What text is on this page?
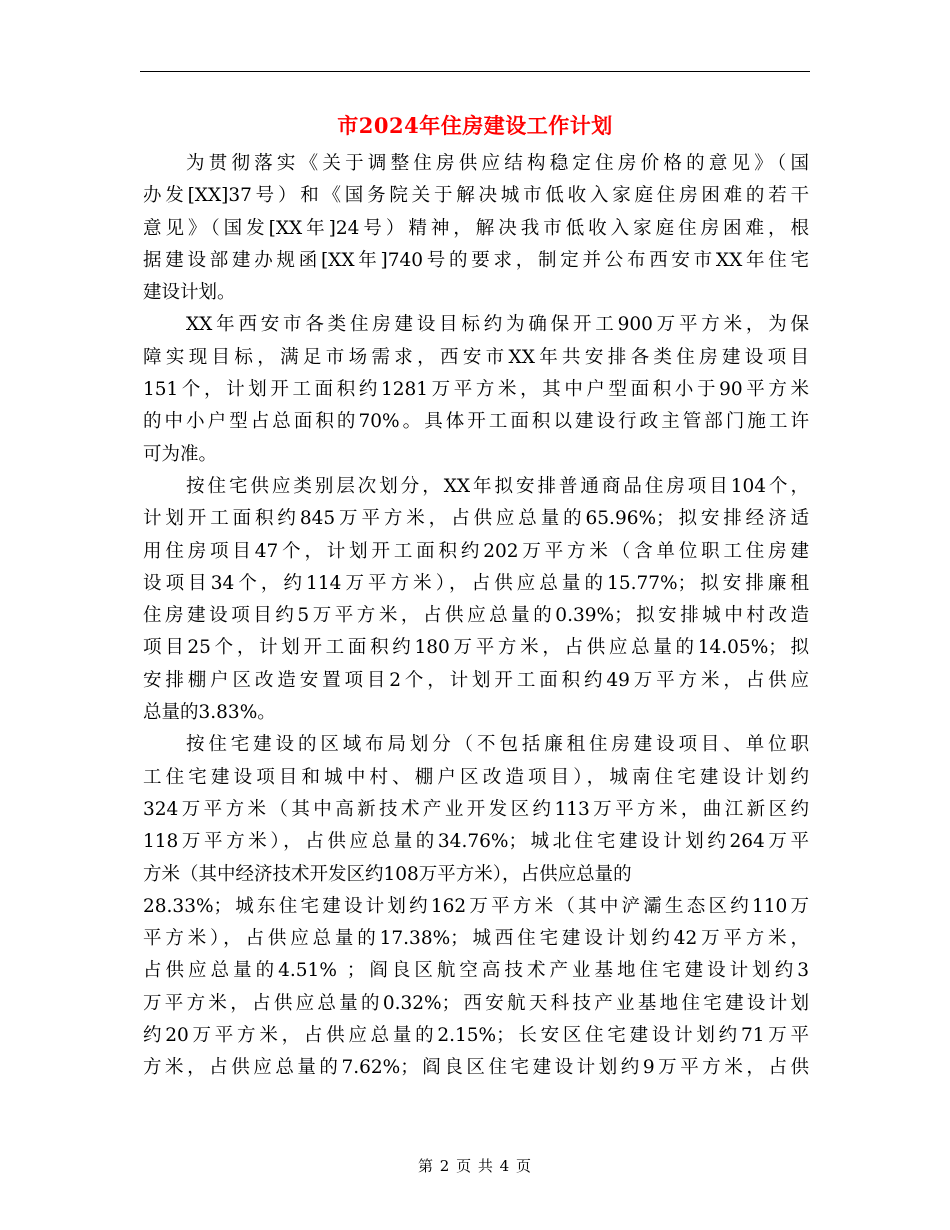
市2024年住房建设工作计划
为贯彻落实《关于调整住房供应结构稳定住房价格的意见》（国
办发[XX]37号）和《国务院关于解决城市低收入家庭住房困难的若干
意见》（国发[XX年]24号）精神，解决我市低收入家庭住房困难，根
据建设部建办规函[XX年]740号的要求，制定并公布西安市XX年住宅
建设计划。
XX年西安市各类住房建设目标约为确保开工900万平方米，为保
障实现目标，满足市场需求，西安市XX年共安排各类住房建设项目
151个，计划开工面积约1281万平方米，其中户型面积小于90平方米
的中小户型占总面积的70%。具体开工面积以建设行政主管部门施工许
可为准。
按住宅供应类别层次划分，XX年拟安排普通商品住房项目104个，
计划开工面积约845万平方米，占供应总量的65.96%；拟安排经济适
用住房项目47个，计划开工面积约202万平方米（含单位职工住房建
设项目34个，约114万平方米），占供应总量的15.77%；拟安排廉租
住房建设项目约5万平方米，占供应总量的0.39%；拟安排城中村改造
项目25个，计划开工面积约180万平方米，占供应总量的14.05%；拟
安排棚户区改造安置项目2个，计划开工面积约49万平方米，占供应
总量的3.83%。
按住宅建设的区域布局划分（不包括廉租住房建设项目、单位职
工住宅建设项目和城中村、棚户区改造项目），城南住宅建设计划约
324万平方米（其中高新技术产业开发区约113万平方米，曲江新区约
118万平方米），占供应总量的34.76%；城北住宅建设计划约264万平
方米（其中经济技术开发区约108万平方米），占供应总量的
28.33%；城东住宅建设计划约162万平方米（其中浐灞生态区约110万
平方米），占供应总量的17.38%；城西住宅建设计划约42万平方米，
占供应总量的4.51% ；阎良区航空高技术产业基地住宅建设计划约3
万平方米，占供应总量的0.32%；西安航天科技产业基地住宅建设计划
约20万平方米，占供应总量的2.15%；长安区住宅建设计划约71万平
方米，占供应总量的7.62%；阎良区住宅建设计划约9万平方米，占供
第 2 页 共 4 页
